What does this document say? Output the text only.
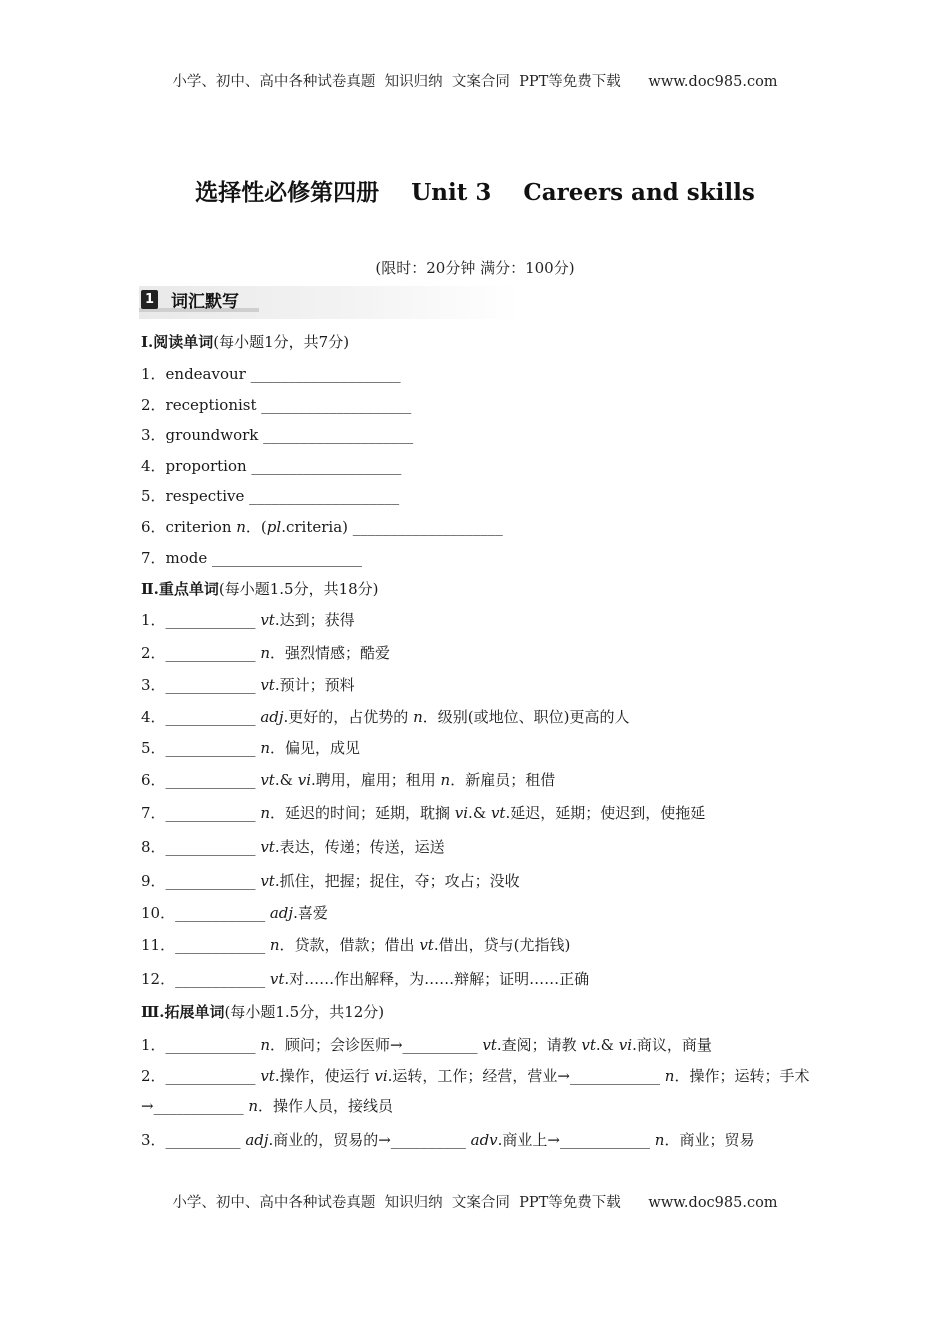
小学、初中、高中各种试卷真题  知识归纳  文案合同  PPT等免费下载      www.doc985.com
选择性必修第四册    Unit 3    Careers and skills
(限时：20分钟 满分：100分)
1 词汇默写
Ⅰ.阅读单词(每小题1分，共7分)
1．endeavour ____________________
2．receptionist ____________________
3．groundwork ____________________
4．proportion ____________________
5．respective ____________________
6．criterion n．(pl.criteria) ____________________
7．mode ____________________
Ⅱ.重点单词(每小题1.5分，共18分)
1．____________ vt.达到；获得
2．____________ n．强烈情感；酷爱
3．____________ vt.预计；预料
4．____________ adj.更好的，占优势的 n．级别(或地位、职位)更高的人
5．____________ n．偏见，成见
6．____________ vt.& vi.聘用，雇用；租用 n．新雇员；租借
7．____________ n．延迟的时间；延期，耽搁 vi.& vt.延迟，延期；使迟到，使拖延
8．____________ vt.表达，传递；传送，运送
9．____________ vt.抓住，把握；捉住，夺；攻占；没收
10．____________ adj.喜爱
11．____________ n．贷款，借款；借出 vt.借出，贷与(尤指钱)
12．____________ vt.对……作出解释，为……辩解；证明……正确
Ⅲ.拓展单词(每小题1.5分，共12分)
1．____________ n．顾问；会诊医师→__________ vt.查阅；请教 vt.& vi.商议，商量
2．____________ vt.操作，使运行 vi.运转，工作；经营，营业→____________ n．操作；运转；手术→____________ n．操作人员，接线员
3．__________ adj.商业的，贸易的→__________ adv.商业上→____________ n．商业；贸易
小学、初中、高中各种试卷真题  知识归纳  文案合同  PPT等免费下载      www.doc985.com
